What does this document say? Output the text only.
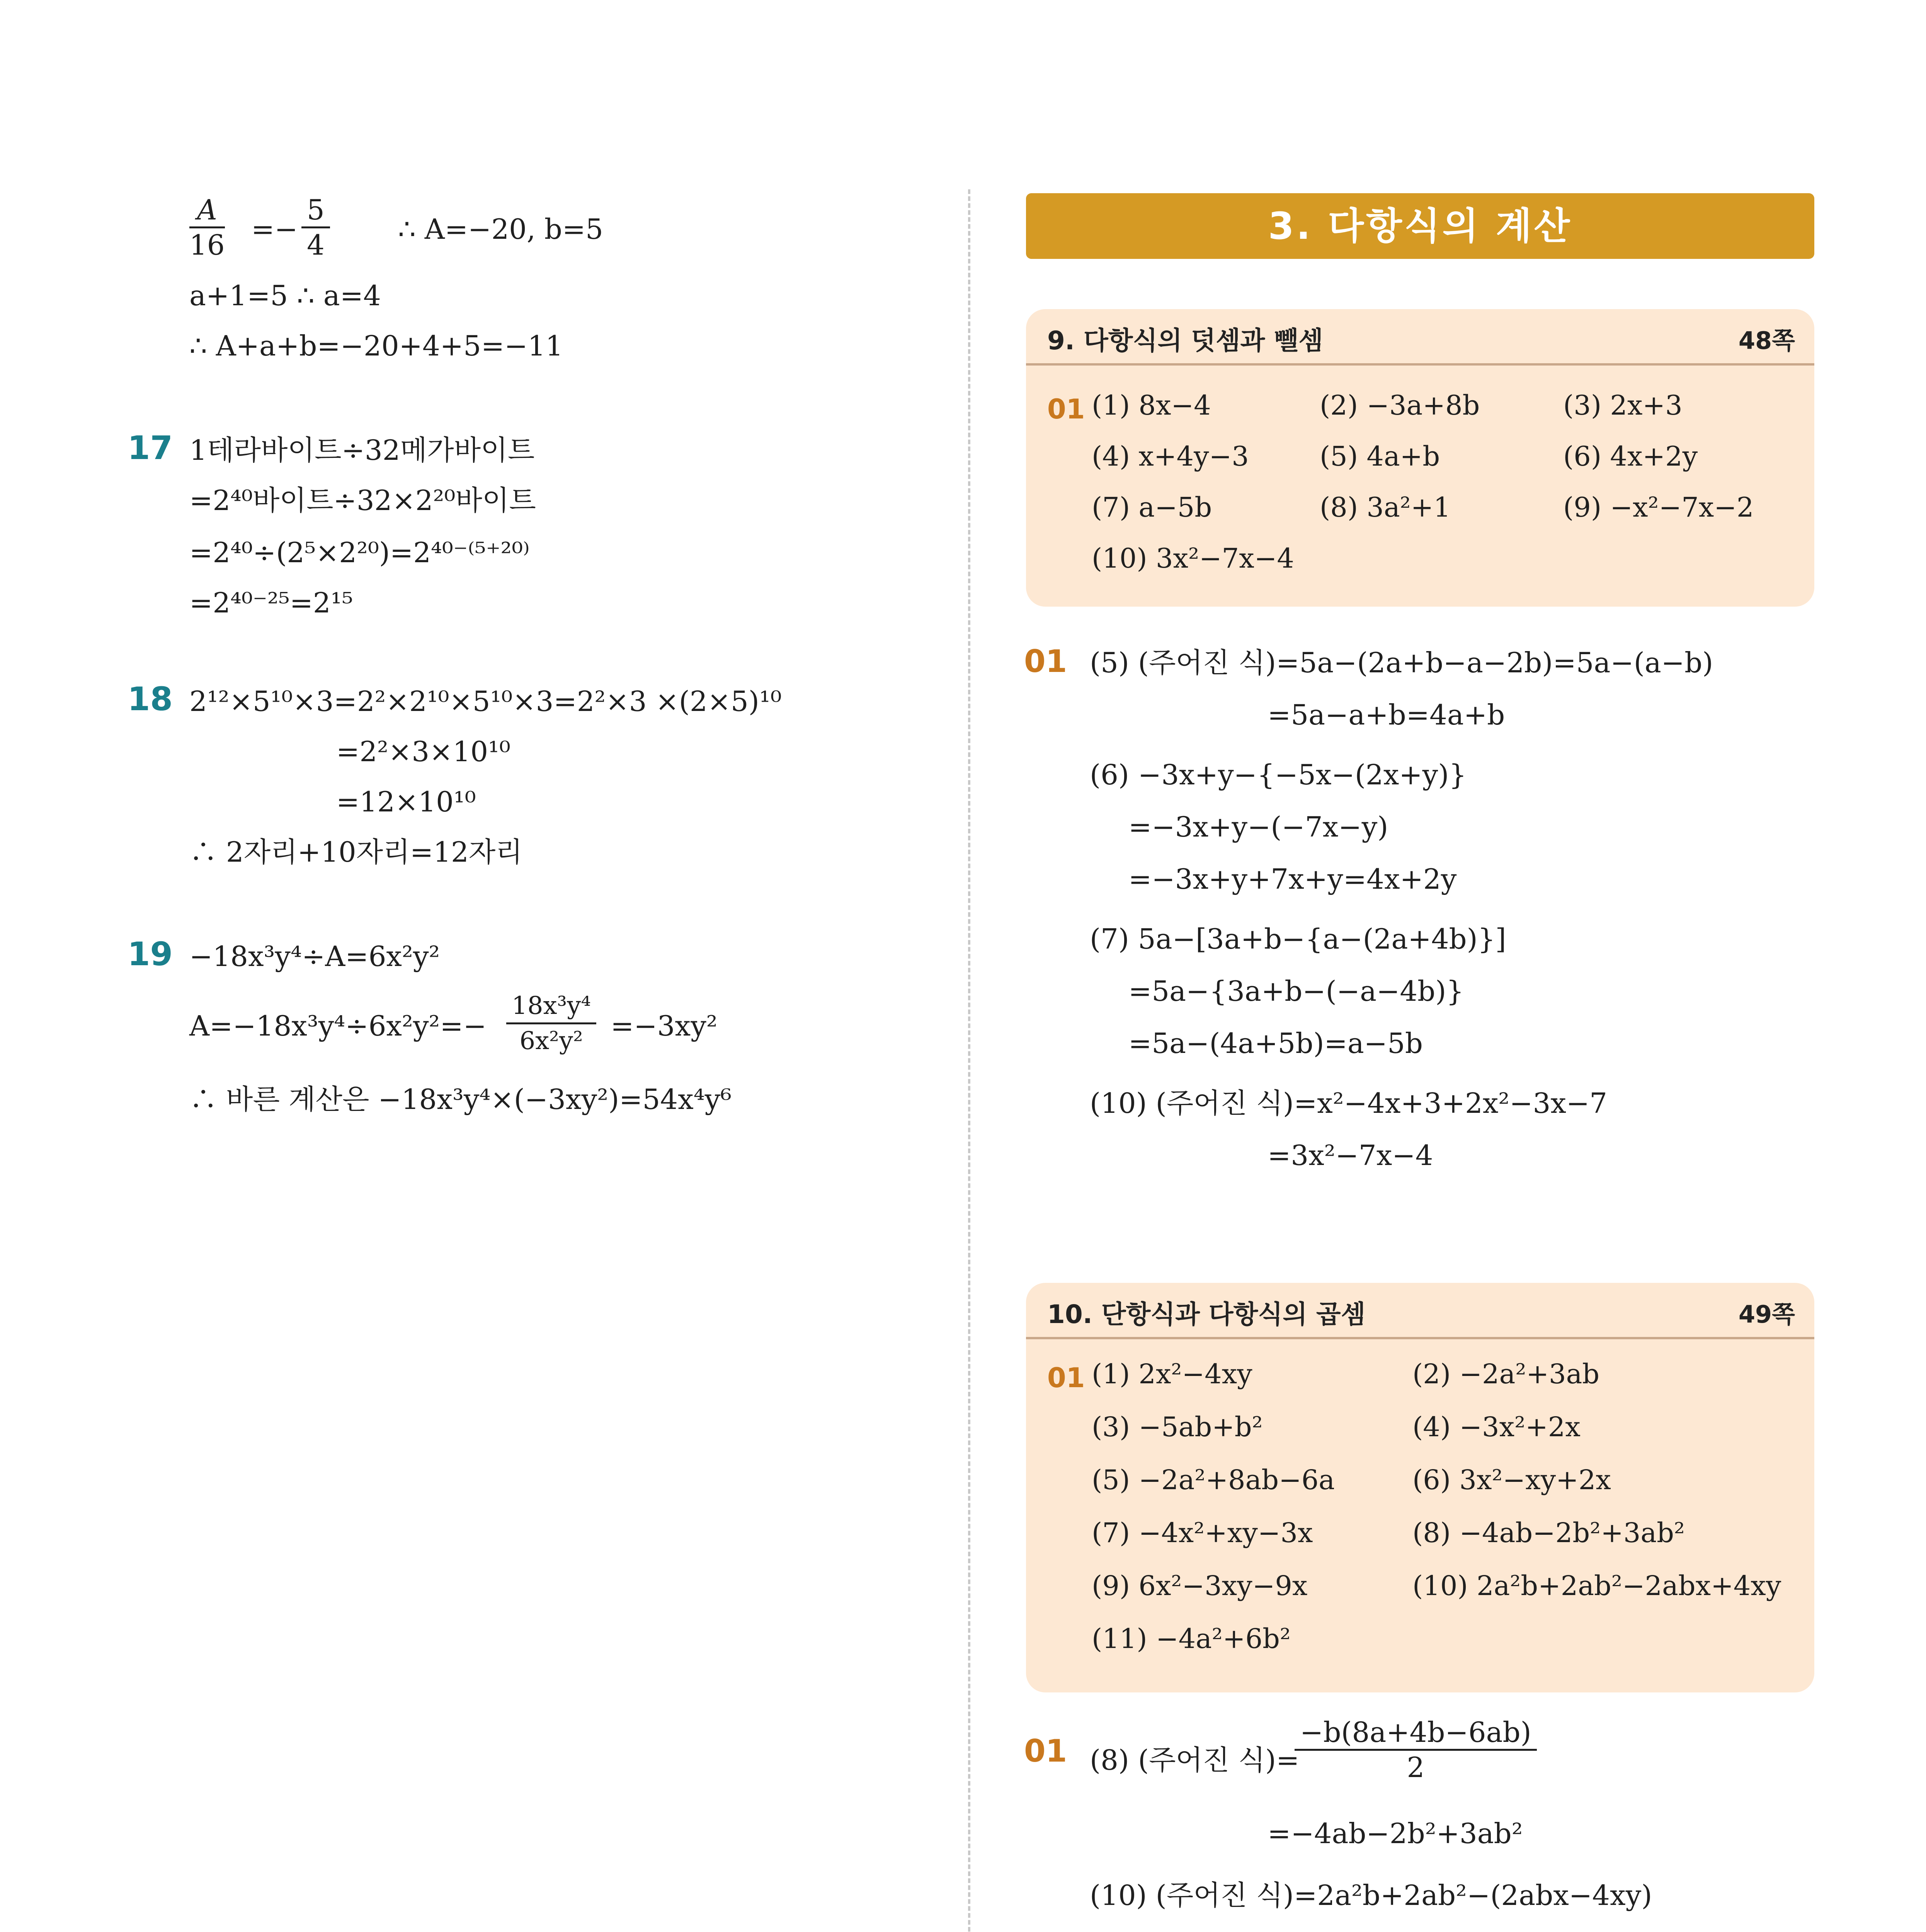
$\frac{A}{16} =- \frac{5}{4}$ ∴ A=−20, b=5
a+1=5 ∴ a=4
∴ A+a+b=−20+4+5=−11
17 1테라바이트÷32메가바이트
=2⁴⁰바이트÷32×2²⁰바이트
=2⁴⁰÷(2⁵×2²⁰)=2⁴⁰⁻⁽⁵⁺²⁰⁾
=2⁴⁰⁻²⁵=2¹⁵
18 2¹²×5¹⁰×3=2²×2¹⁰×5¹⁰×3=2²×3 ×(2×5)¹⁰
=2²×3×10¹⁰
=12×10¹⁰
∴ 2자리+10자리=12자리
19 −18x³y⁴÷A=6x²y²
$A=-18x^3y^4\div 6x^2y^2=- \frac{\text{18x³y⁴}}{\text{6x²y²}} =-3xy^2$
∴ 바른 계산은 −18x³y⁴×(−3xy²)=54x⁴y⁶
3. 다항식의 계산
9. 다항식의 덧셈과 뺄셈	48쪽
01 (1) 8x−4	(2) −3a+8b	(3) 2x+3
(4) x+4y−3	(5) 4a+b	(6) 4x+2y
(7) a−5b	(8) 3a²+1	(9) −x²−7x−2
(10) 3x²−7x−4
01 (5) (주어진 식)=5a−(2a+b−a−2b)=5a−(a−b)
=5a−a+b=4a+b
(6) −3x+y−{−5x−(2x+y)}
=−3x+y−(−7x−y)
=−3x+y+7x+y=4x+2y
(7) 5a−[3a+b−{a−(2a+4b)}]
=5a−{3a+b−(−a−4b)}
=5a−(4a+5b)=a−5b
(10) (주어진 식)=x²−4x+3+2x²−3x−7
=3x²−7x−4
10. 단항식과 다항식의 곱셈	49쪽
01 (1) 2x²−4xy	(2) −2a²+3ab
(3) −5ab+b²	(4) −3x²+2x
(5) −2a²+8ab−6a	(6) 3x²−xy+2x
(7) −4x²+xy−3x	(8) −4ab−2b²+3ab²
(9) 6x²−3xy−9x	(10) 2a²b+2ab²−2abx+4xy
(11) −4a²+6b²
01 (8) (주어진 식)=
$\frac{-b(8a+4b-6ab)}{2}$
=−4ab−2b²+3ab²
(10) (주어진 식)=2a²b+2ab²−(2abx−4xy)
